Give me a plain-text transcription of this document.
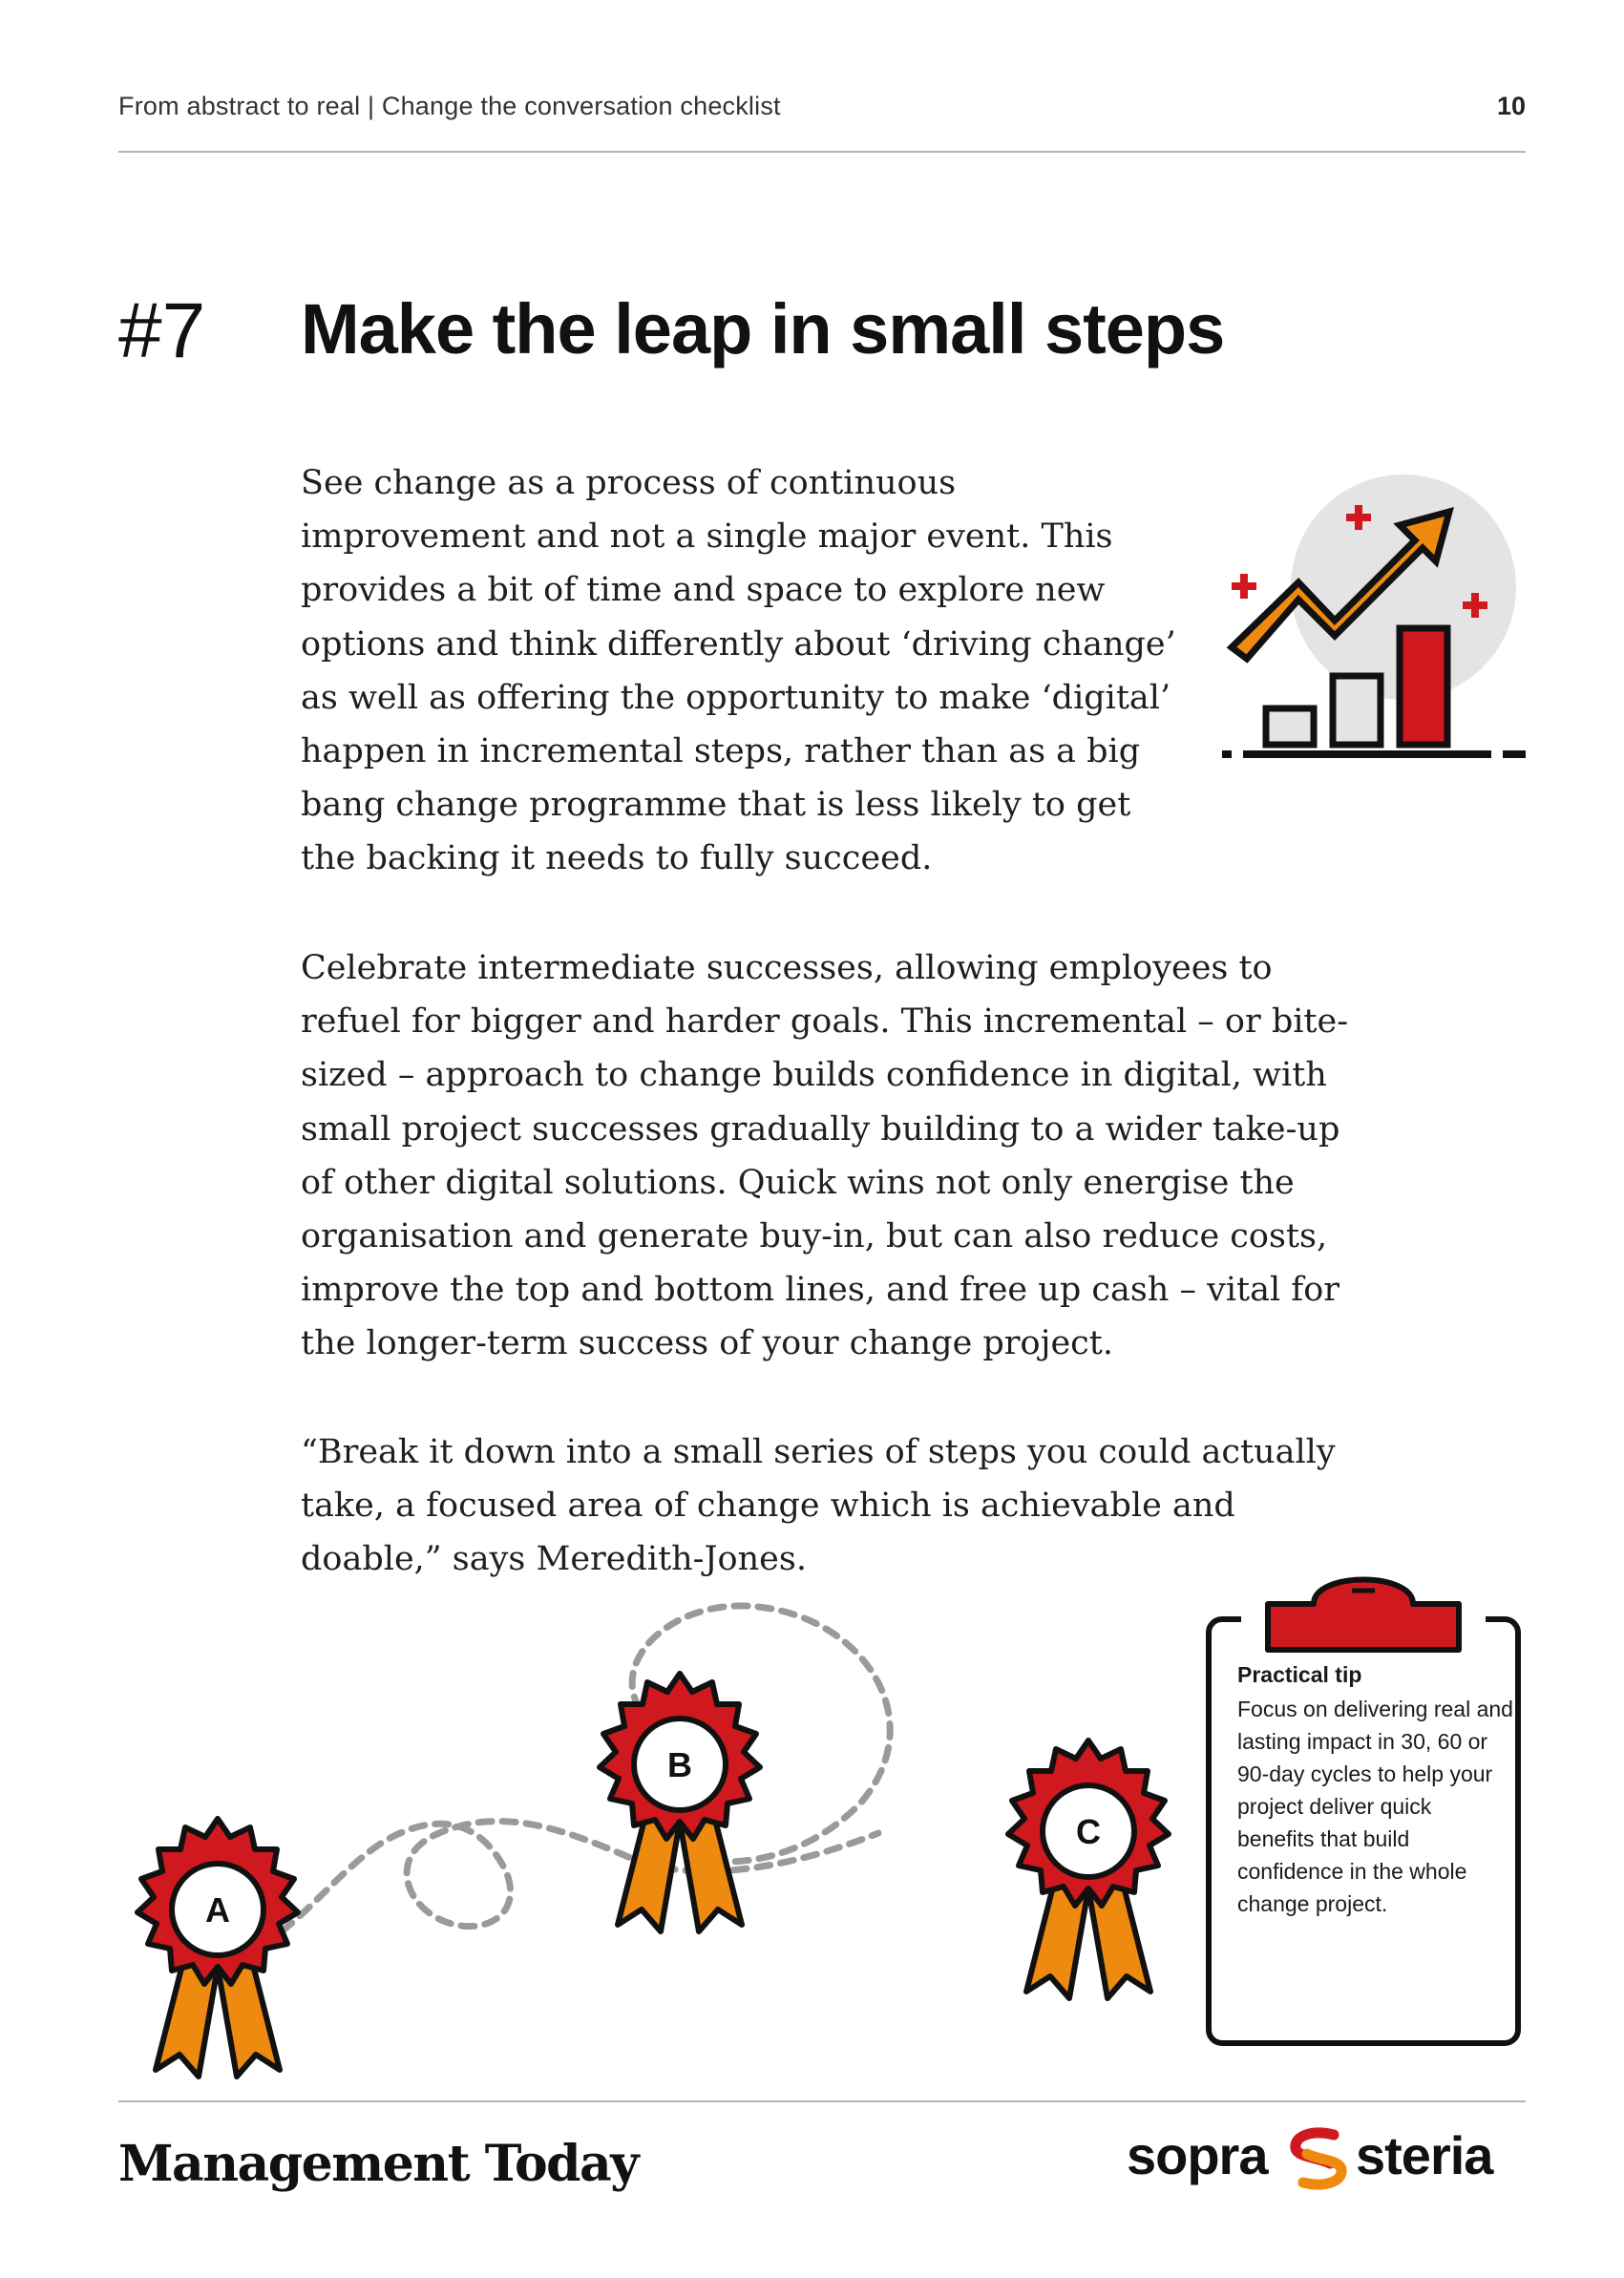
From abstract to real | Change the conversation checklist	10
#7 Make the leap in small steps

See change as a process of continuous improvement and not a single major event. This provides a bit of time and space to explore new options and think differently about ‘driving change’ as well as offering the opportunity to make ‘digital’ happen in incremental steps, rather than as a big bang change programme that is less likely to get the backing it needs to fully succeed.

Celebrate intermediate successes, allowing employees to refuel for bigger and harder goals. This incremental – or bite-sized – approach to change builds confidence in digital, with small project successes gradually building to a wider take-up of other digital solutions. Quick wins not only energise the organisation and generate buy-in, but can also reduce costs, improve the top and bottom lines, and free up cash – vital for the longer-term success of your change project.

“Break it down into a small series of steps you could actually take, a focused area of change which is achievable and doable,” says Meredith-Jones.

A
B
C
Practical tip

Focus on delivering real and lasting impact in 30, 60 or 90-day cycles to help your project deliver quick benefits that build confidence in the whole change project.

Management Today	sopra steria
